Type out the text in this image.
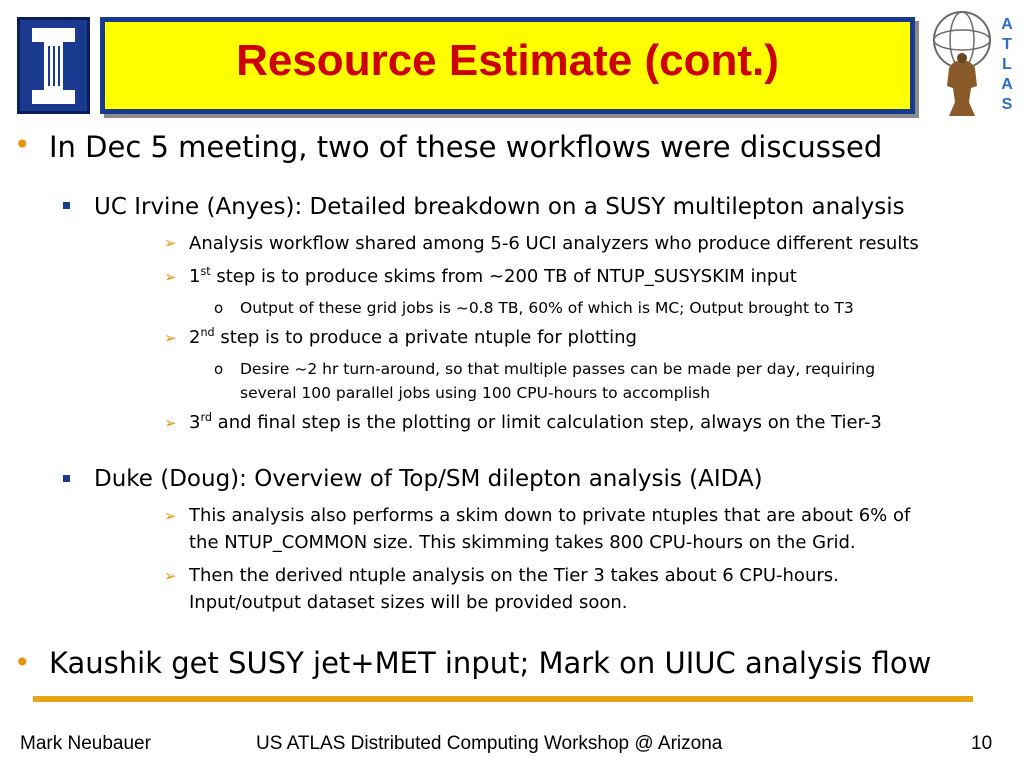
Resource Estimate (cont.)
A
T
L
A
S
• In Dec 5 meeting, two of these workflows were discussed
UC Irvine (Anyes): Detailed breakdown on a SUSY multilepton analysis
➢ Analysis workflow shared among 5-6 UCI analyzers who produce different results
➢ 1st step is to produce skims from ~200 TB of NTUP_SUSYSKIM input
o Output of these grid jobs is ~0.8 TB, 60% of which is MC; Output brought to T3
➢ 2nd step is to produce a private ntuple for plotting
o Desire ~2 hr turn-around, so that multiple passes can be made per day, requiring
several 100 parallel jobs using 100 CPU-hours to accomplish
➢ 3rd and final step is the plotting or limit calculation step, always on the Tier-3
Duke (Doug): Overview of Top/SM dilepton analysis (AIDA)
➢ This analysis also performs a skim down to private ntuples that are about 6% of
the NTUP_COMMON size. This skimming takes 800 CPU-hours on the Grid.
➢ Then the derived ntuple analysis on the Tier 3 takes about 6 CPU-hours.
Input/output dataset sizes will be provided soon.
• Kaushik get SUSY jet+MET input; Mark on UIUC analysis flow
Mark Neubauer	US ATLAS Distributed Computing Workshop @ Arizona	10
